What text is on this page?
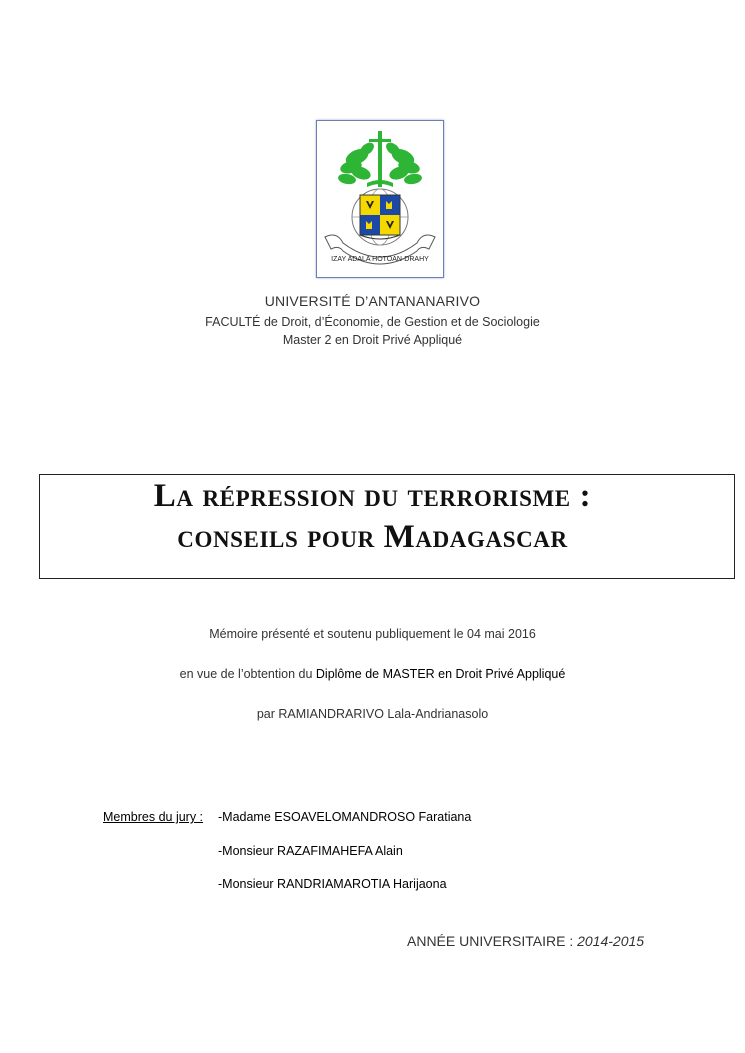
IZAY ADALA HOTOAN-DRAHY
UNIVERSITÉ D’ANTANANARIVO
FACULTÉ de Droit, d’Économie, de Gestion et de Sociologie
Master 2 en Droit Privé Appliqué
La répression du terrorisme :
conseils pour Madagascar
Mémoire présenté et soutenu publiquement le 04 mai 2016
en vue de l’obtention du Diplôme de MASTER en Droit Privé Appliqué
par RAMIANDRARIVO Lala-Andrianasolo
Membres du jury : -Madame ESOAVELOMANDROSO Faratiana
-Monsieur RAZAFIMAHEFA Alain
-Monsieur RANDRIAMAROTIA Harijaona
ANNÉE UNIVERSITAIRE : 2014-2015
